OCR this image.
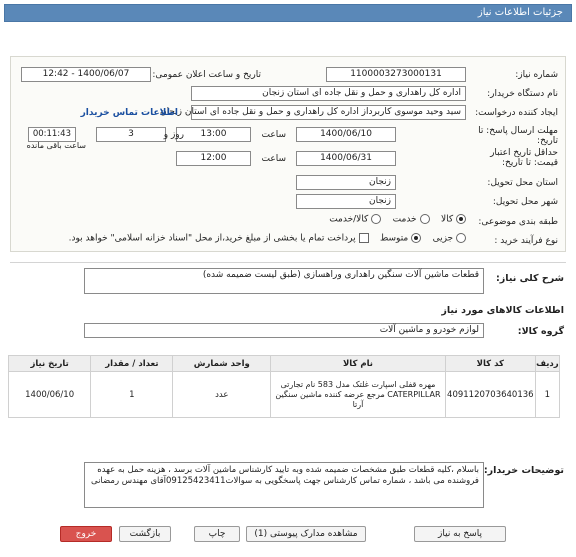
جزئیات اطلاعات نیاز
شماره نیاز:
1100003273000131
تاریخ و ساعت اعلان عمومی:
1400/06/07 - 12:42
نام دستگاه خریدار:
اداره کل راهداری و حمل و نقل جاده ای استان زنجان
ایجاد کننده درخواست:
سید وحید موسوی کاربرداز اداره کل راهداری و حمل و نقل جاده ای استان زنجان
اطلاعات تماس خریدار
مهلت ارسال پاسخ: تا تاریخ:
1400/06/10
ساعت
13:00
3	روز و
00:11:43
حداقل تاریخ اعتبار قیمت: تا تاریخ:
1400/06/31
ساعت
12:00
استان محل تحویل:
زنجان
شهر محل تحویل:
زنجان
طبقه بندی موضوعی:
کالا     خدمت     کالا/خدمت
نوع فرآیند خرید :
جزیی     متوسط     پرداخت تمام یا بخشی از مبلغ خرید،از محل "اسناد خزانه اسلامی" خواهد بود.
شرح کلی نیاز:
قطعات ماشین آلات سنگین راهداری وراهسازی (طبق لیست ضمیمه شده)
اطلاعات کالاهای مورد نیاز
گروه کالا:
لوازم خودرو و ماشین آلات
ردیف	کد کالا	نام کالا	واحد شمارش	تعداد / مقدار	تاریخ نیاز
1	4091120703640136	مهره قفلی اسپارت غلتک مدل 583 نام تجارتی
CATERPILLAR مرجع عرضه کننده ماشین سنگین آرتا	عدد	1	1400/06/10
توضیحات خریدار:
باسلام ،کلیه قطعات طبق مشخصات ضمیمه شده وبه تایید کارشناس ماشین آلات برسد ، هزینه حمل به عهده فروشنده می باشد ، شماره تماس کارشناس جهت پاسخگویی به سوالات09125423411آقای مهندس رمضانی
پاسخ به نیاز
مشاهده مدارک پیوستی (1)
چاپ
بازگشت
خروج
ساعت باقی مانده
